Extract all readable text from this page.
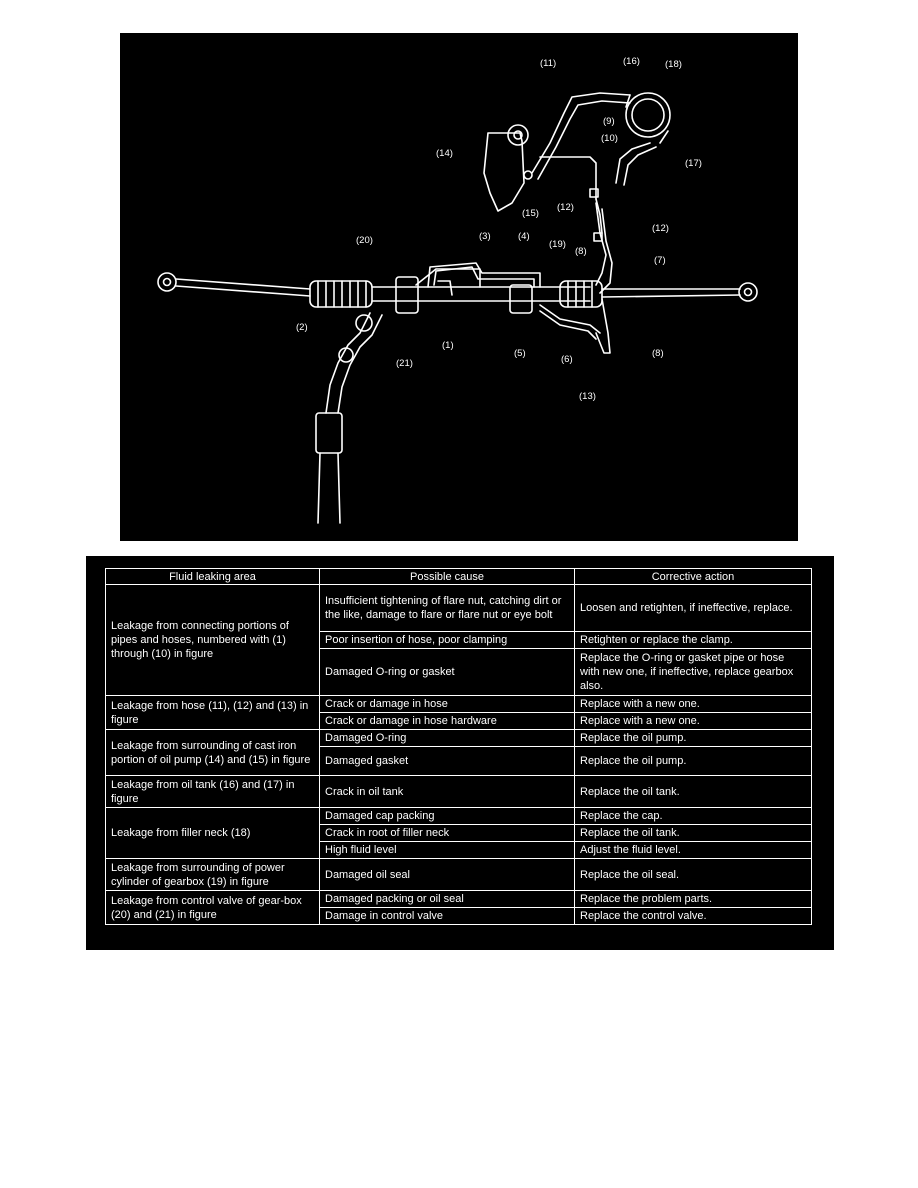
(1)
(2)
(3)	(4)
(5)
(6)
(7)
(8)
(8)
(9)
(10)
(11)
(12)
(12)
(13)
(14)
(15)
(16)
(17)
(18)
(19)
(20)
(21)
Fluid leaking area	Possible cause	Corrective action
Leakage from connecting portions of pipes and hoses, numbered with (1) through (10) in figure	Insufficient tightening of flare nut, catching dirt or the like, damage to flare or flare nut or eye bolt	Loosen and retighten, if ineffective, replace.
	Poor insertion of hose, poor clamping	Retighten or replace the clamp.
	Damaged O-ring or gasket	Replace the O-ring or gasket pipe or hose with new one, if ineffective, replace gearbox also.
Leakage from hose (11), (12) and (13) in figure	Crack or damage in hose	Replace with a new one.
	Crack or damage in hose hardware	Replace with a new one.
Leakage from surrounding of cast iron portion of oil pump (14) and (15) in figure	Damaged O-ring	Replace the oil pump.
	Damaged gasket	Replace the oil pump.
Leakage from oil tank (16) and (17) in figure	Crack in oil tank	Replace the oil tank.
Leakage from filler neck (18)	Damaged cap packing	Replace the cap.
	Crack in root of filler neck	Replace the oil tank.
	High fluid level	Adjust the fluid level.
Leakage from surrounding of power cylinder of gearbox (19) in figure	Damaged oil seal	Replace the oil seal.
Leakage from control valve of gear-box (20) and (21) in figure	Damaged packing or oil seal	Replace the problem parts.
	Damage in control valve	Replace the control valve.
